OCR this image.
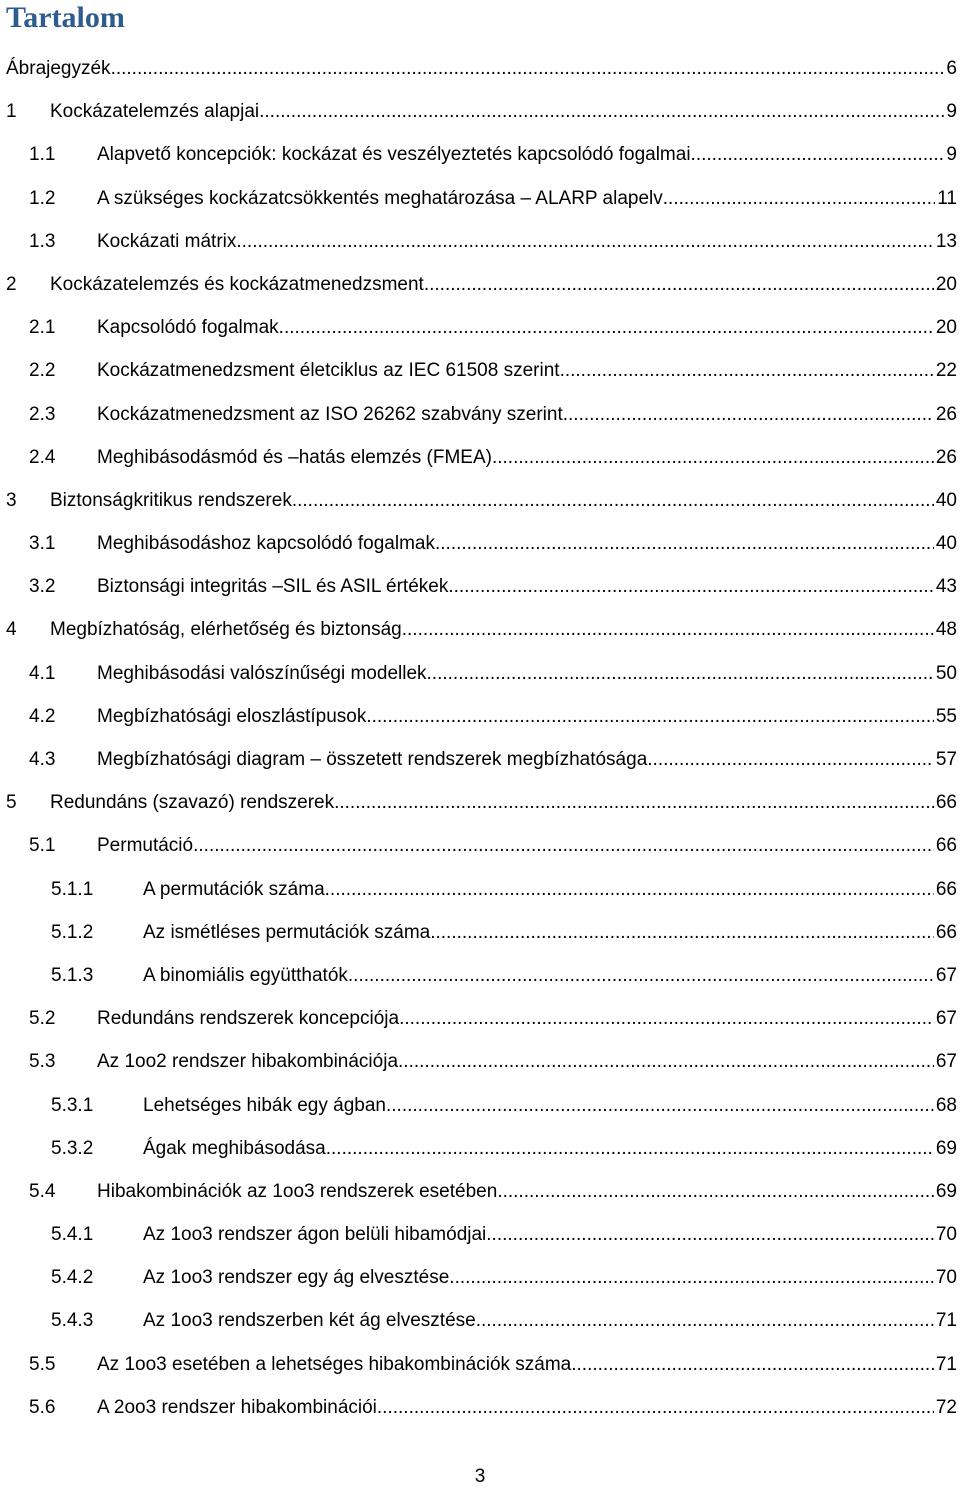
Tartalom
Ábrajegyzék .....	6
1 Kockázatelemzés alapjai .....	9
1.1 Alapvető koncepciók: kockázat és veszélyeztetés kapcsolódó fogalmai .....	9
1.2 A szükséges kockázatcsökkentés meghatározása – ALARP alapelv .....	11
1.3 Kockázati mátrix .....	13
2 Kockázatelemzés és kockázatmenedzsment .....	20
2.1 Kapcsolódó fogalmak .....	20
2.2 Kockázatmenedzsment életciklus az IEC 61508 szerint .....	22
2.3 Kockázatmenedzsment az ISO 26262 szabvány szerint .....	26
2.4 Meghibásodásmód és –hatás elemzés (FMEA) .....	26
3 Biztonságkritikus rendszerek .....	40
3.1 Meghibásodáshoz kapcsolódó fogalmak .....	40
3.2 Biztonsági integritás –SIL és ASIL értékek .....	43
4 Megbízhatóság, elérhetőség és biztonság .....	48
4.1 Meghibásodási valószínűségi modellek .....	50
4.2 Megbízhatósági eloszlástípusok .....	55
4.3 Megbízhatósági diagram – összetett rendszerek megbízhatósága .....	57
5 Redundáns (szavazó) rendszerek .....	66
5.1 Permutáció .....	66
5.1.1	A permutációk száma .....	66
5.1.2	Az ismétléses permutációk száma .....	66
5.1.3	A binomiális együtthatók .....	67
5.2 Redundáns rendszerek koncepciója .....	67
5.3 Az 1oo2 rendszer hibakombinációja .....	67
5.3.1	Lehetséges hibák egy ágban .....	68
5.3.2	Ágak meghibásodása .....	69
5.4 Hibakombinációk az 1oo3 rendszerek esetében .....	69
5.4.1	Az 1oo3 rendszer ágon belüli hibamódjai .....	70
5.4.2	Az 1oo3 rendszer egy ág elvesztése .....	70
5.4.3	Az 1oo3 rendszerben két ág elvesztése .....	71
5.5 Az 1oo3 esetében a lehetséges hibakombinációk száma .....	71
5.6 A 2oo3 rendszer hibakombinációi .....	72
3
